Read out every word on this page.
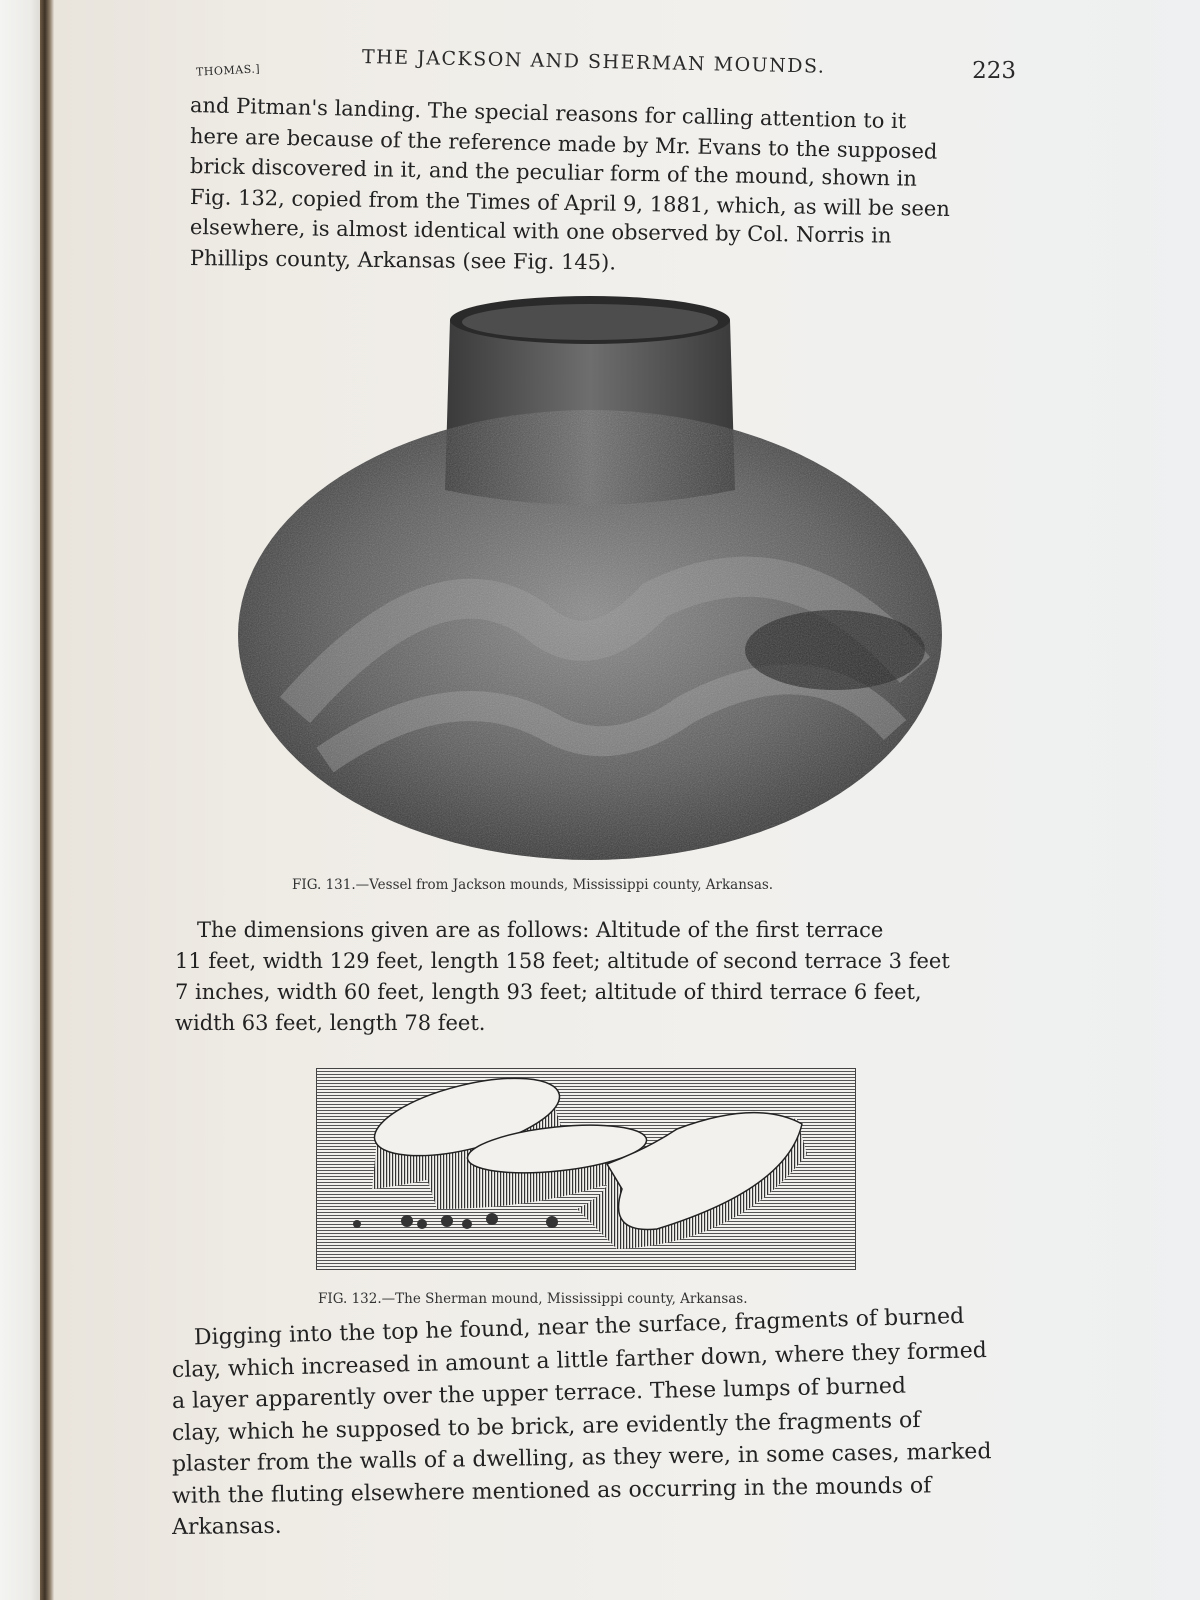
THOMAS.]	THE JACKSON AND SHERMAN MOUNDS.	223
and Pitman's landing. The special reasons for calling attention to it
here are because of the reference made by Mr. Evans to the supposed
brick discovered in it, and the peculiar form of the mound, shown in
Fig. 132, copied from the Times of April 9, 1881, which, as will be seen
elsewhere, is almost identical with one observed by Col. Norris in
Phillips county, Arkansas (see Fig. 145).
FIG. 131.—Vessel from Jackson mounds, Mississippi county, Arkansas.
The dimensions given are as follows: Altitude of the first terrace
11 feet, width 129 feet, length 158 feet; altitude of second terrace 3 feet
7 inches, width 60 feet, length 93 feet; altitude of third terrace 6 feet,
width 63 feet, length 78 feet.
FIG. 132.—The Sherman mound, Mississippi county, Arkansas.
Digging into the top he found, near the surface, fragments of burned
clay, which increased in amount a little farther down, where they formed
a layer apparently over the upper terrace. These lumps of burned
clay, which he supposed to be brick, are evidently the fragments of
plaster from the walls of a dwelling, as they were, in some cases, marked
with the fluting elsewhere mentioned as occurring in the mounds of
Arkansas.
